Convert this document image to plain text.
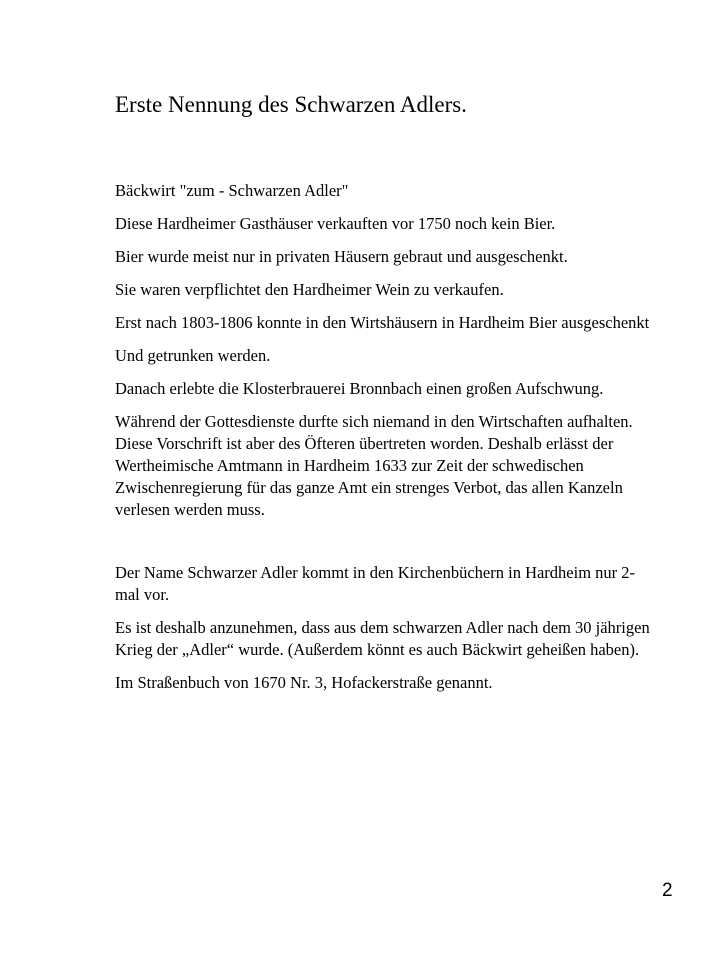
Erste Nennung des Schwarzen Adlers.

Bäckwirt "zum - Schwarzen Adler"

Diese Hardheimer Gasthäuser verkauften vor 1750 noch kein Bier.

Bier wurde meist nur in privaten Häusern gebraut und ausgeschenkt.

Sie waren verpflichtet den Hardheimer Wein zu verkaufen.

Erst nach 1803-1806 konnte in den Wirtshäusern in Hardheim Bier ausgeschenkt

Und getrunken werden.

Danach erlebte die Klosterbrauerei Bronnbach einen großen Aufschwung.

Während der Gottesdienste durfte sich niemand in den Wirtschaften aufhalten. Diese Vorschrift ist aber des Öfteren übertreten worden. Deshalb erlässt der Wertheimische Amtmann in Hardheim 1633 zur Zeit der schwedischen Zwischenregierung für das ganze Amt ein strenges Verbot, das allen Kanzeln verlesen werden muss.

Der Name Schwarzer Adler kommt in den Kirchenbüchern in Hardheim nur 2-mal vor.

Es ist deshalb anzunehmen, dass aus dem schwarzen Adler nach dem 30 jährigen Krieg der „Adler“ wurde. (Außerdem könnt es auch Bäckwirt geheißen haben).

Im Straßenbuch von 1670 Nr. 3, Hofackerstraße genannt.

2
